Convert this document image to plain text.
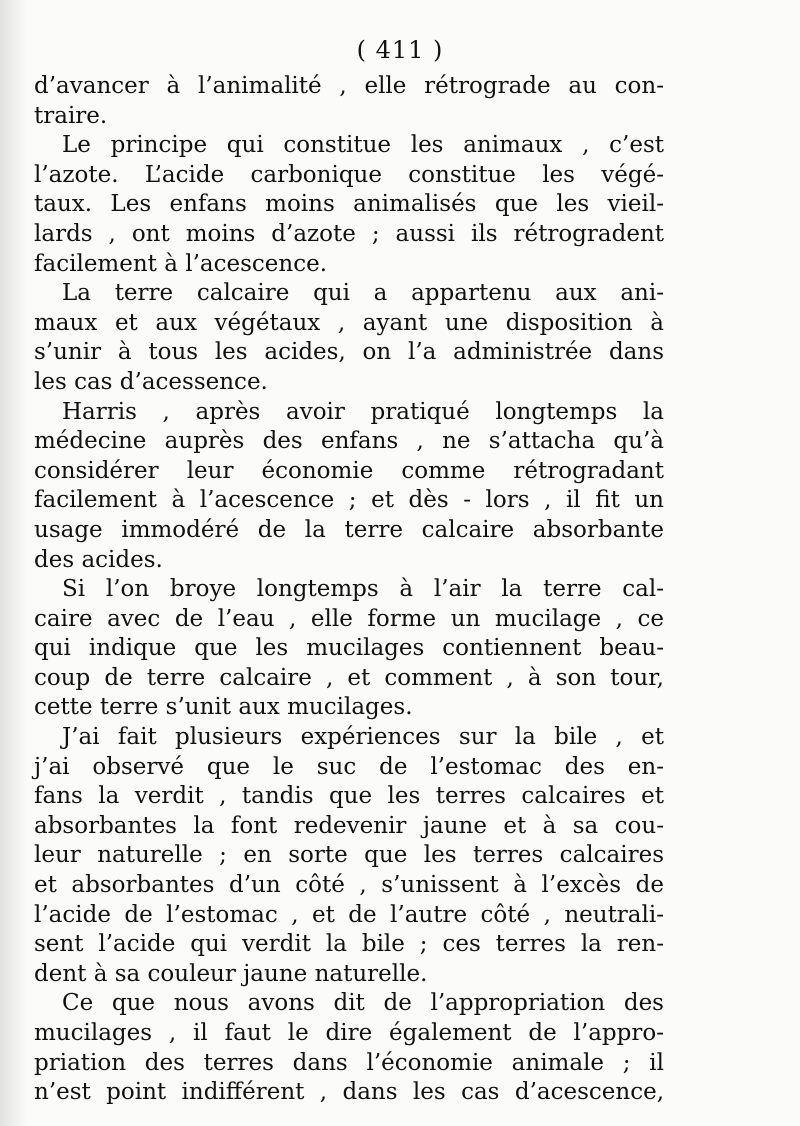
( 411 )
d’avancer à l’animalité , elle rétrograde au con-
traire.
Le principe qui constitue les animaux , c’est
l’azote. L’acide carbonique constitue les végé-
taux. Les enfans moins animalisés que les vieil-
lards , ont moins d’azote ; aussi ils rétrogradent
facilement à l’acescence.
La terre calcaire qui a appartenu aux ani-
maux et aux végétaux , ayant une disposition à
s’unir à tous les acides, on l’a administrée dans
les cas d’acessence.
Harris , après avoir pratiqué longtemps la
médecine auprès des enfans , ne s’attacha qu’à
considérer leur économie comme rétrogradant
facilement à l’acescence ; et dès - lors , il fit un
usage immodéré de la terre calcaire absorbante
des acides.
Si l’on broye longtemps à l’air la terre cal-
caire avec de l’eau , elle forme un mucilage , ce
qui indique que les mucilages contiennent beau-
coup de terre calcaire , et comment , à son tour,
cette terre s’unit aux mucilages.
J’ai fait plusieurs expériences sur la bile , et
j’ai observé que le suc de l’estomac des en-
fans la verdit , tandis que les terres calcaires et
absorbantes la font redevenir jaune et à sa cou-
leur naturelle ; en sorte que les terres calcaires
et absorbantes d’un côté , s’unissent à l’excès de
l’acide de l’estomac , et de l’autre côté , neutrali-
sent l’acide qui verdit la bile ; ces terres la ren-
dent à sa couleur jaune naturelle.
Ce que nous avons dit de l’appropriation des
mucilages , il faut le dire également de l’appro-
priation des terres dans l’économie animale ; il
n’est point indifférent , dans les cas d’acescence,
